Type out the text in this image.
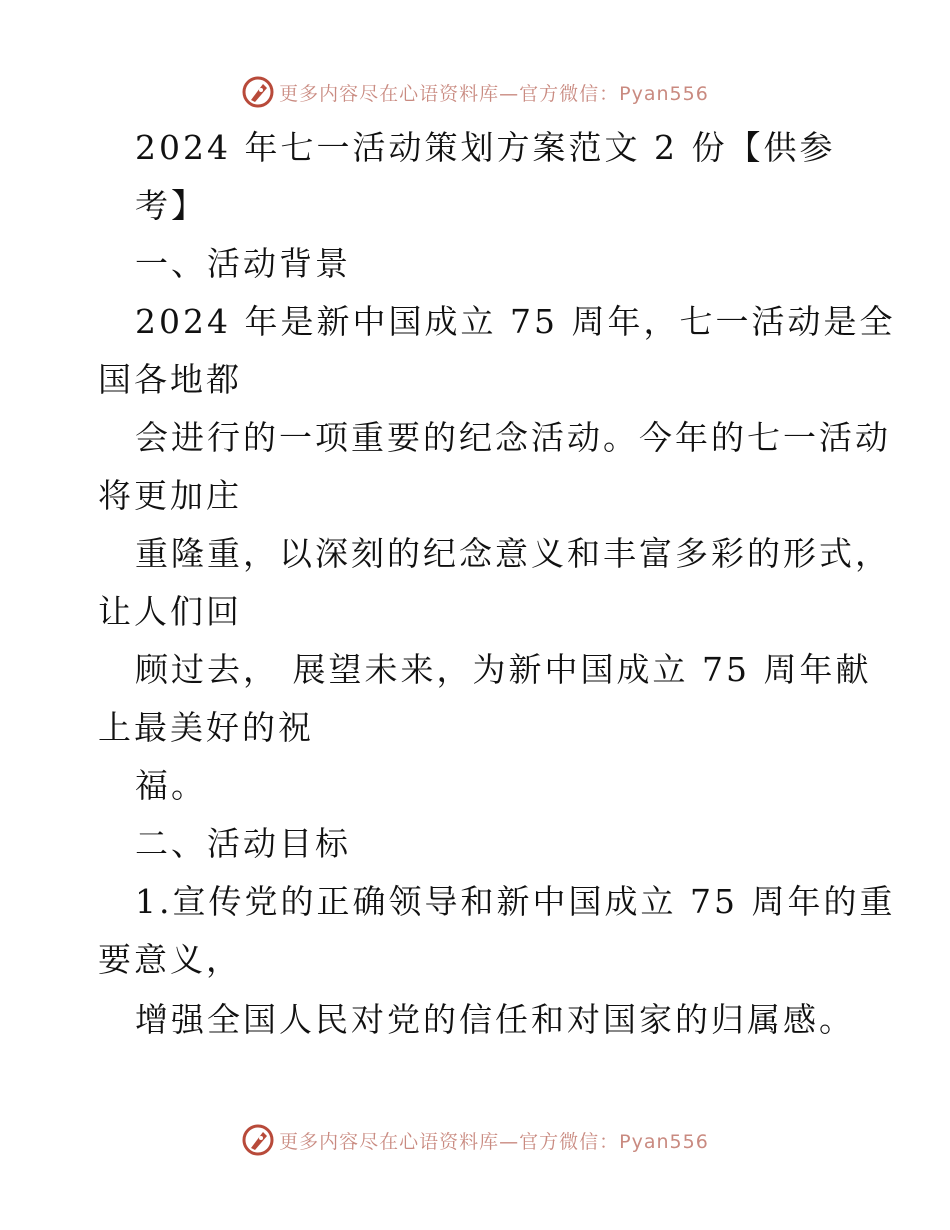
更多内容尽在心语资料库—官方微信：Pyan556
2024 年七一活动策划方案范文 2 份【供参
考】
一、活动背景
2024 年是新中国成立 75 周年，七一活动是全
国各地都
会进行的一项重要的纪念活动。今年的七一活动
将更加庄
重隆重，以深刻的纪念意义和丰富多彩的形式，
让人们回
顾过去， 展望未来，为新中国成立 75 周年献
上最美好的祝
福。
二、活动目标
1.宣传党的正确领导和新中国成立 75 周年的重
要意义，
增强全国人民对党的信任和对国家的归属感。
更多内容尽在心语资料库—官方微信：Pyan556
